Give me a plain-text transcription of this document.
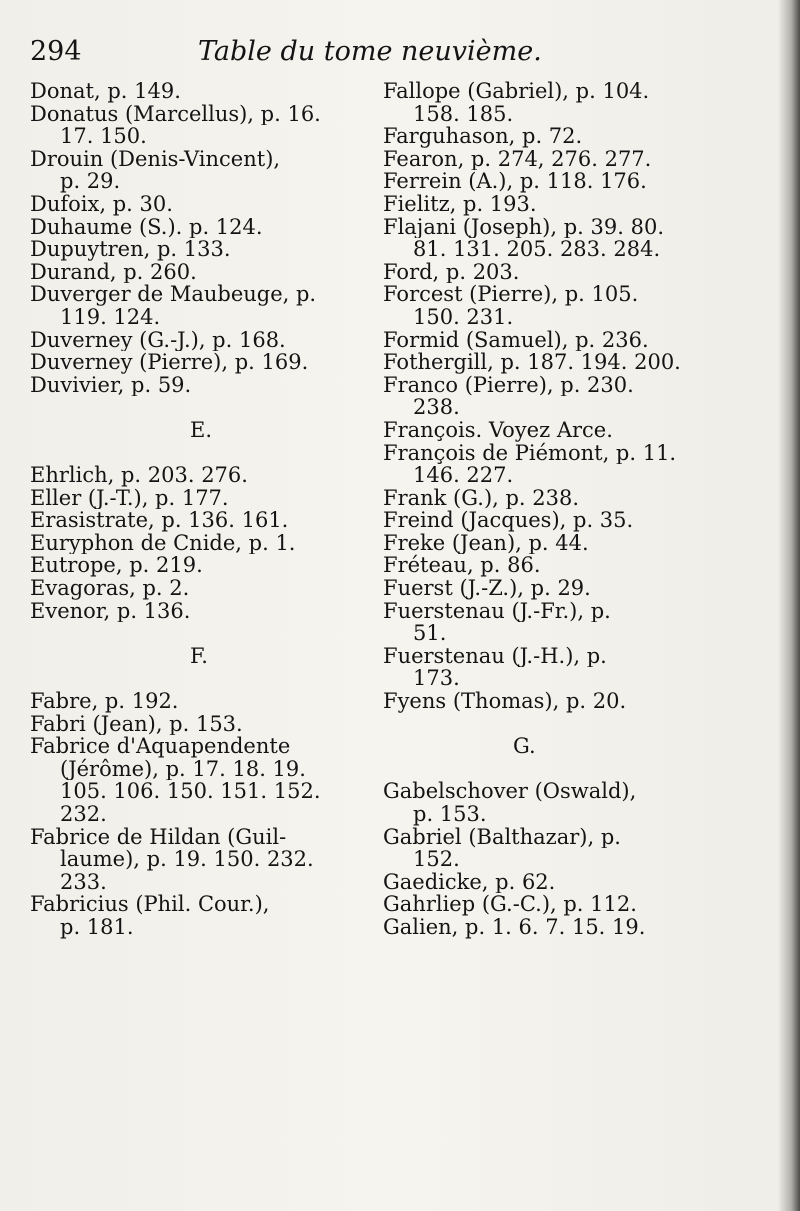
294	Table du tome neuvième.
Donat, p. 149.
Donatus (Marcellus), p. 16.
17. 150.
Drouin (Denis-Vincent),
p. 29.
Dufoix, p. 30.
Duhaume (S.). p. 124.
Dupuytren, p. 133.
Durand, p. 260.
Duverger de Maubeuge, p.
119. 124.
Duverney (G.-J.), p. 168.
Duverney (Pierre), p. 169.
Duvivier, p. 59.
E.
Ehrlich, p. 203. 276.
Eller (J.-T.), p. 177.
Erasistrate, p. 136. 161.
Euryphon de Cnide, p. 1.
Eutrope, p. 219.
Evagoras, p. 2.
Evenor, p. 136.
F.
Fabre, p. 192.
Fabri (Jean), p. 153.
Fabrice d'Aquapendente
(Jérôme), p. 17. 18. 19.
105. 106. 150. 151. 152.
232.
Fabrice de Hildan (Guil-
laume), p. 19. 150. 232.
233.
Fabricius (Phil. Cour.),
p. 181.
Fallope (Gabriel), p. 104.
158. 185.
Farguhason, p. 72.
Fearon, p. 274, 276. 277.
Ferrein (A.), p. 118. 176.
Fielitz, p. 193.
Flajani (Joseph), p. 39. 80.
81. 131. 205. 283. 284.
Ford, p. 203.
Forcest (Pierre), p. 105.
150. 231.
Formid (Samuel), p. 236.
Fothergill, p. 187. 194. 200.
Franco (Pierre), p. 230.
238.
François. Voyez Arce.
François de Piémont, p. 11.
146. 227.
Frank (G.), p. 238.
Freind (Jacques), p. 35.
Freke (Jean), p. 44.
Fréteau, p. 86.
Fuerst (J.-Z.), p. 29.
Fuerstenau (J.-Fr.), p.
51.
Fuerstenau (J.-H.), p.
173.
Fyens (Thomas), p. 20.
G.
Gabelschover (Oswald),
p. 153.
Gabriel (Balthazar), p.
152.
Gaedicke, p. 62.
Gahrliep (G.-C.), p. 112.
Galien, p. 1. 6. 7. 15. 19.
